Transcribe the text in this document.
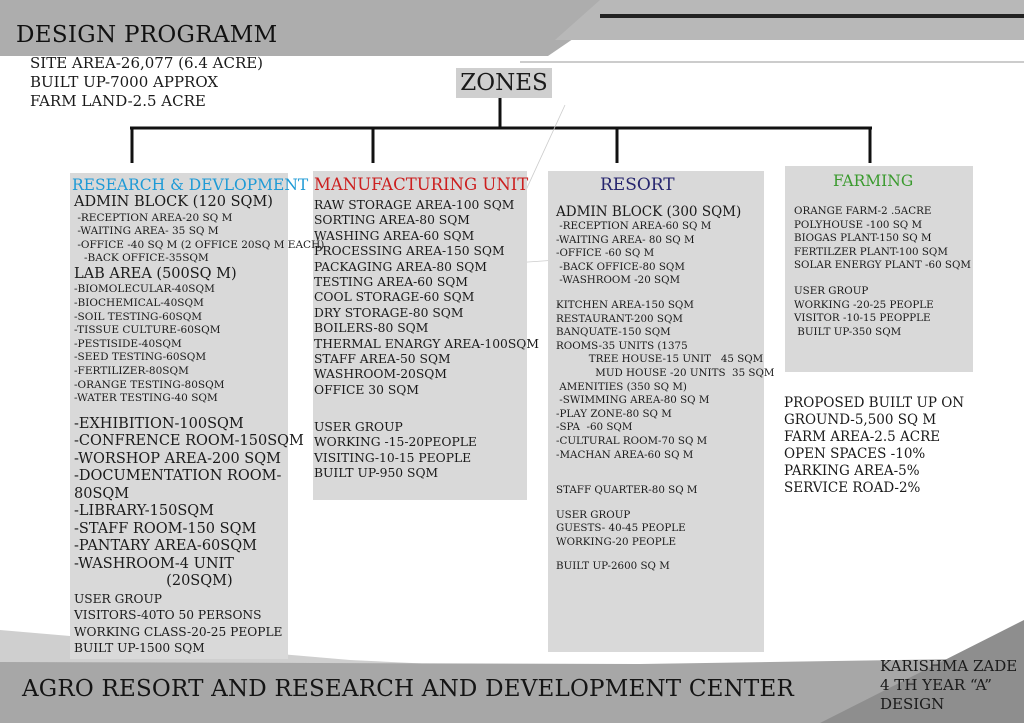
DESIGN PROGRAMM
SITE AREA-26,077 (6.4 ACRE)
BUILT UP-7000 APPROX
FARM LAND-2.5 ACRE
ZONES
RESEARCH & DEVLOPMENT MANUFACTURING UNIT	RESORT	FARMING
ADMIN BLOCK (120 SQM)
-RECEPTION AREA-20 SQ M
-WAITING AREA- 35 SQ M
-OFFICE -40 SQ M (2 OFFICE 20SQ M EACH)
-BACK OFFICE-35SQM
LAB AREA (500SQ M)
-BIOMOLECULAR-40SQM
-BIOCHEMICAL-40SQM
-SOIL TESTING-60SQM
-TISSUE CULTURE-60SQM
-PESTISIDE-40SQM
-SEED TESTING-60SQM
-FERTILIZER-80SQM
-ORANGE TESTING-80SQM
-WATER TESTING-40 SQM
-EXHIBITION-100SQM
-CONFRENCE ROOM-150SQM
-WORSHOP AREA-200 SQM
-DOCUMENTATION ROOM-
80SQM
-LIBRARY-150SQM
-STAFF ROOM-150 SQM
-PANTARY AREA-60SQM
-WASHROOM-4 UNIT
(20SQM)
USER GROUP
VISITORS-40TO 50 PERSONS
WORKING CLASS-20-25 PEOPLE
BUILT UP-1500 SQM
RAW STORAGE AREA-100 SQM
SORTING AREA-80 SQM
WASHING AREA-60 SQM
PROCESSING AREA-150 SQM
PACKAGING AREA-80 SQM
TESTING AREA-60 SQM
COOL STORAGE-60 SQM
DRY STORAGE-80 SQM
BOILERS-80 SQM
THERMAL ENARGY AREA-100SQM
STAFF AREA-50 SQM
WASHROOM-20SQM
OFFICE 30 SQM
USER GROUP
WORKING -15-20PEOPLE
VISITING-10-15 PEOPLE
BUILT UP-950 SQM
ADMIN BLOCK (300 SQM)
-RECEPTION AREA-60 SQ M
-WAITING AREA- 80 SQ M
-OFFICE -60 SQ M
-BACK OFFICE-80 SQM
-WASHROOM -20 SQM
KITCHEN AREA-150 SQM
RESTAURANT-200 SQM
BANQUATE-150 SQM
ROOMS-35 UNITS (1375
TREE HOUSE-15 UNIT   45 SQM
MUD HOUSE -20 UNITS  35 SQM
AMENITIES (350 SQ M)
-SWIMMING AREA-80 SQ M
-PLAY ZONE-80 SQ M
-SPA  -60 SQM
-CULTURAL ROOM-70 SQ M
-MACHAN AREA-60 SQ M
STAFF QUARTER-80 SQ M
USER GROUP
GUESTS- 40-45 PEOPLE
WORKING-20 PEOPLE
BUILT UP-2600 SQ M
ORANGE FARM-2 .5ACRE
POLYHOUSE -100 SQ M
BIOGAS PLANT-150 SQ M
FERTILZER PLANT-100 SQM
SOLAR ENERGY PLANT -60 SQM
USER GROUP
WORKING -20-25 PEOPLE
VISITOR -10-15 PEOPPLE
BUILT UP-350 SQM
PROPOSED BUILT UP ON
GROUND-5,500 SQ M
FARM AREA-2.5 ACRE
OPEN SPACES -10%
PARKING AREA-5%
SERVICE ROAD-2%
AGRO RESORT AND RESEARCH AND DEVELOPMENT CENTER
KARISHMA ZADE
4 TH YEAR “A”
DESIGN
